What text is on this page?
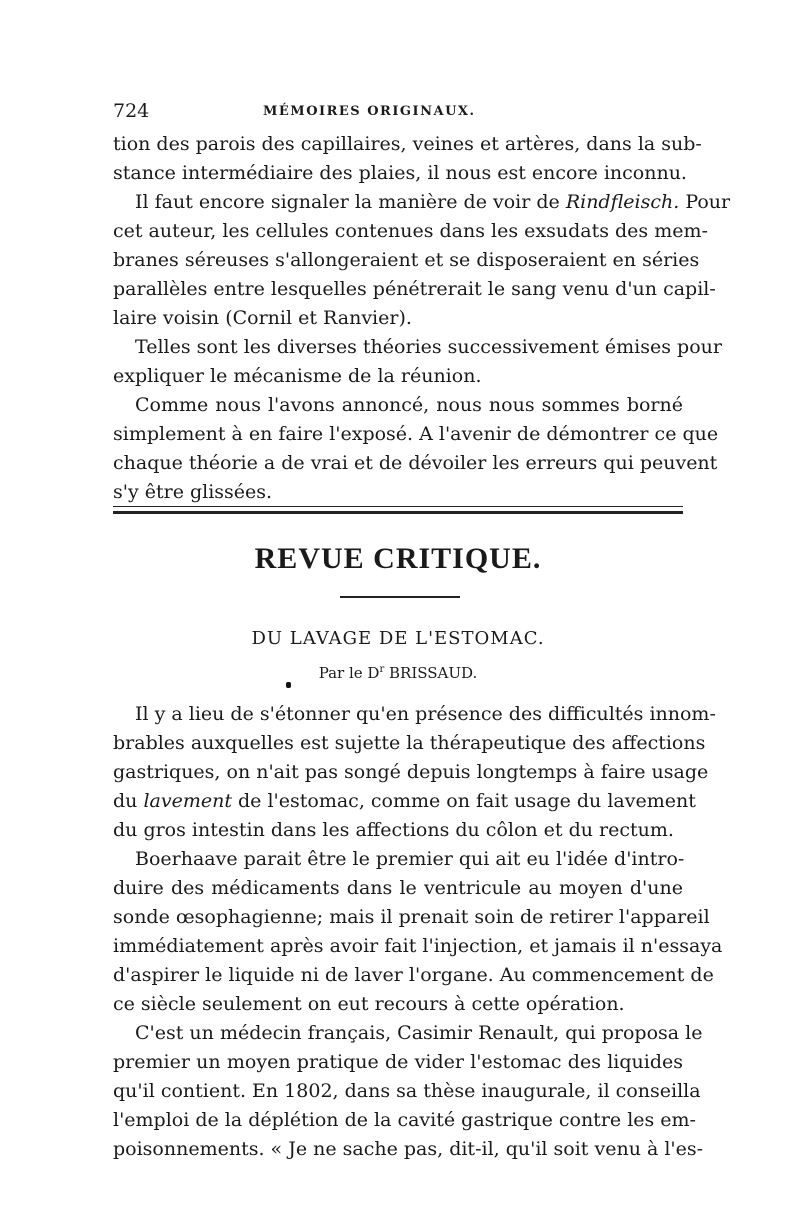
724	MÉMOIRES ORIGINAUX.
tion des parois des capillaires, veines et artères, dans la sub-
stance intermédiaire des plaies, il nous est encore inconnu.
Il faut encore signaler la manière de voir de Rindfleisch. Pour
cet auteur, les cellules contenues dans les exsudats des mem-
branes séreuses s'allongeraient et se disposeraient en séries
parallèles entre lesquelles pénétrerait le sang venu d'un capil-
laire voisin (Cornil et Ranvier).
Telles sont les diverses théories successivement émises pour
expliquer le mécanisme de la réunion.
Comme nous l'avons annoncé, nous nous sommes borné
simplement à en faire l'exposé. A l'avenir de démontrer ce que
chaque théorie a de vrai et de dévoiler les erreurs qui peuvent
s'y être glissées.
REVUE CRITIQUE.
DU LAVAGE DE L'ESTOMAC.
Par le $D^r$ BRISSAUD.
Il y a lieu de s'étonner qu'en présence des difficultés innom-
brables auxquelles est sujette la thérapeutique des affections
gastriques, on n'ait pas songé depuis longtemps à faire usage
du lavement de l'estomac, comme on fait usage du lavement
du gros intestin dans les affections du côlon et du rectum.
Boerhaave parait être le premier qui ait eu l'idée d'intro-
duire des médicaments dans le ventricule au moyen d'une
sonde œsophagienne; mais il prenait soin de retirer l'appareil
immédiatement après avoir fait l'injection, et jamais il n'essaya
d'aspirer le liquide ni de laver l'organe. Au commencement de
ce siècle seulement on eut recours à cette opération.
C'est un médecin français, Casimir Renault, qui proposa le
premier un moyen pratique de vider l'estomac des liquides
qu'il contient. En 1802, dans sa thèse inaugurale, il conseilla
l'emploi de la déplétion de la cavité gastrique contre les em-
poisonnements. « Je ne sache pas, dit-il, qu'il soit venu à l'es-
